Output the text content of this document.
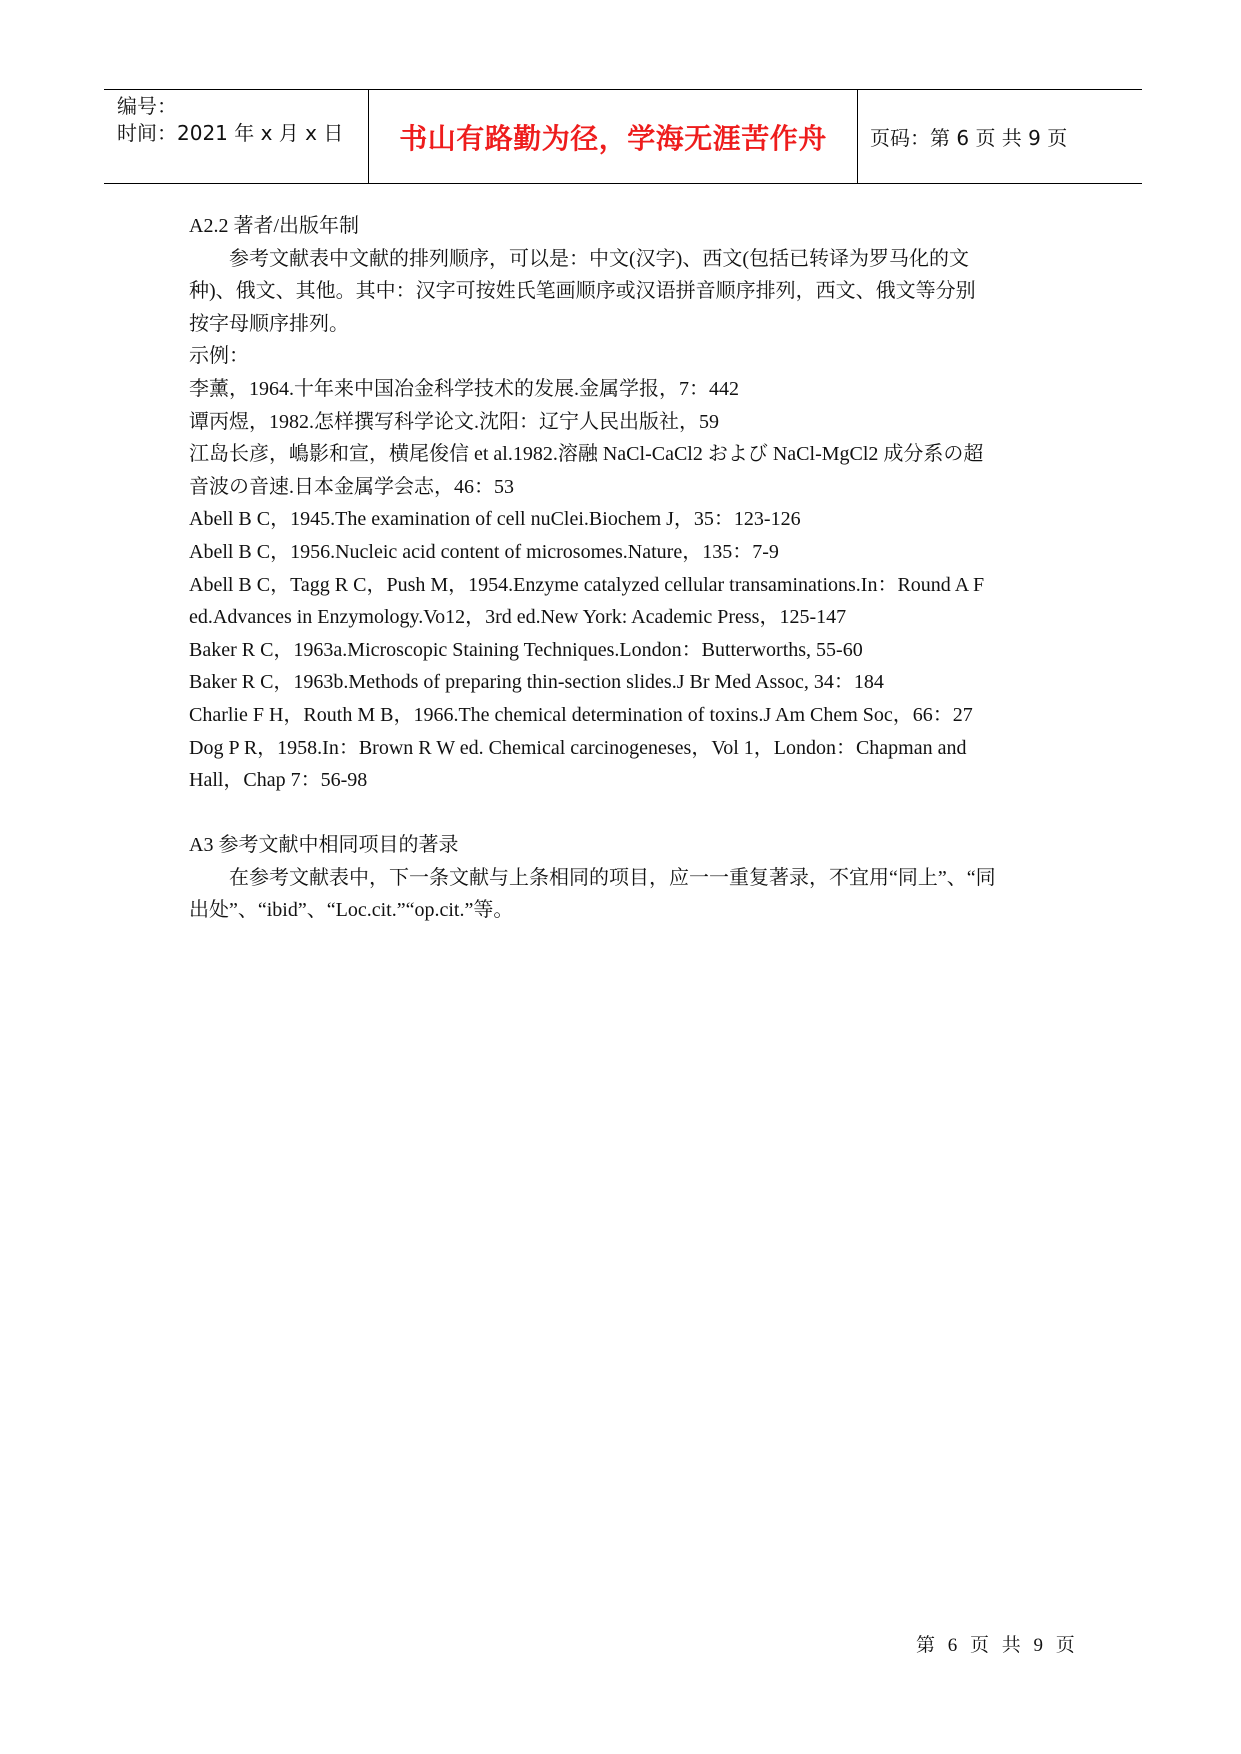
编号：
时间：2021 年 x 月 x 日 书山有路勤为径，学海无涯苦作舟 页码：第 6 页 共 9 页
A2.2 著者/出版年制
参考文献表中文献的排列顺序，可以是：中文(汉字)、西文(包括已转译为罗马化的文
种)、俄文、其他。其中：汉字可按姓氏笔画顺序或汉语拼音顺序排列，西文、俄文等分别
按字母顺序排列。
示例：
李薰，1964.十年来中国冶金科学技术的发展.金属学报，7：442
谭丙煜，1982.怎样撰写科学论文.沈阳：辽宁人民出版社，59
江岛长彦，嶋影和宣，横尾俊信 et al.1982.溶融 NaCl-CaCl2 および NaCl-MgCl2 成分系の超
音波の音速.日本金属学会志，46：53
Abell B C，1945.The examination of cell nuClei.Biochem J，35：123-126
Abell B C，1956.Nucleic acid content of microsomes.Nature，135：7-9
Abell B C，Tagg R C，Push M，1954.Enzyme catalyzed cellular transaminations.In：Round A F
ed.Advances in Enzymology.Vo12，3rd ed.New York: Academic Press，125-147
Baker R C，1963a.Microscopic Staining Techniques.London：Butterworths, 55-60
Baker R C，1963b.Methods of preparing thin-section slides.J Br Med Assoc, 34：184
Charlie F H，Routh M B，1966.The chemical determination of toxins.J Am Chem Soc，66：27
Dog P R，1958.In：Brown R W ed. Chemical carcinogeneses，Vol 1，London：Chapman and
Hall，Chap 7：56-98
A3 参考文献中相同项目的著录
在参考文献表中，下一条文献与上条相同的项目，应一一重复著录，不宜用“同上”、“同
出处”、“ibid”、“Loc.cit.”“op.cit.”等。
第 6 页 共 9 页
